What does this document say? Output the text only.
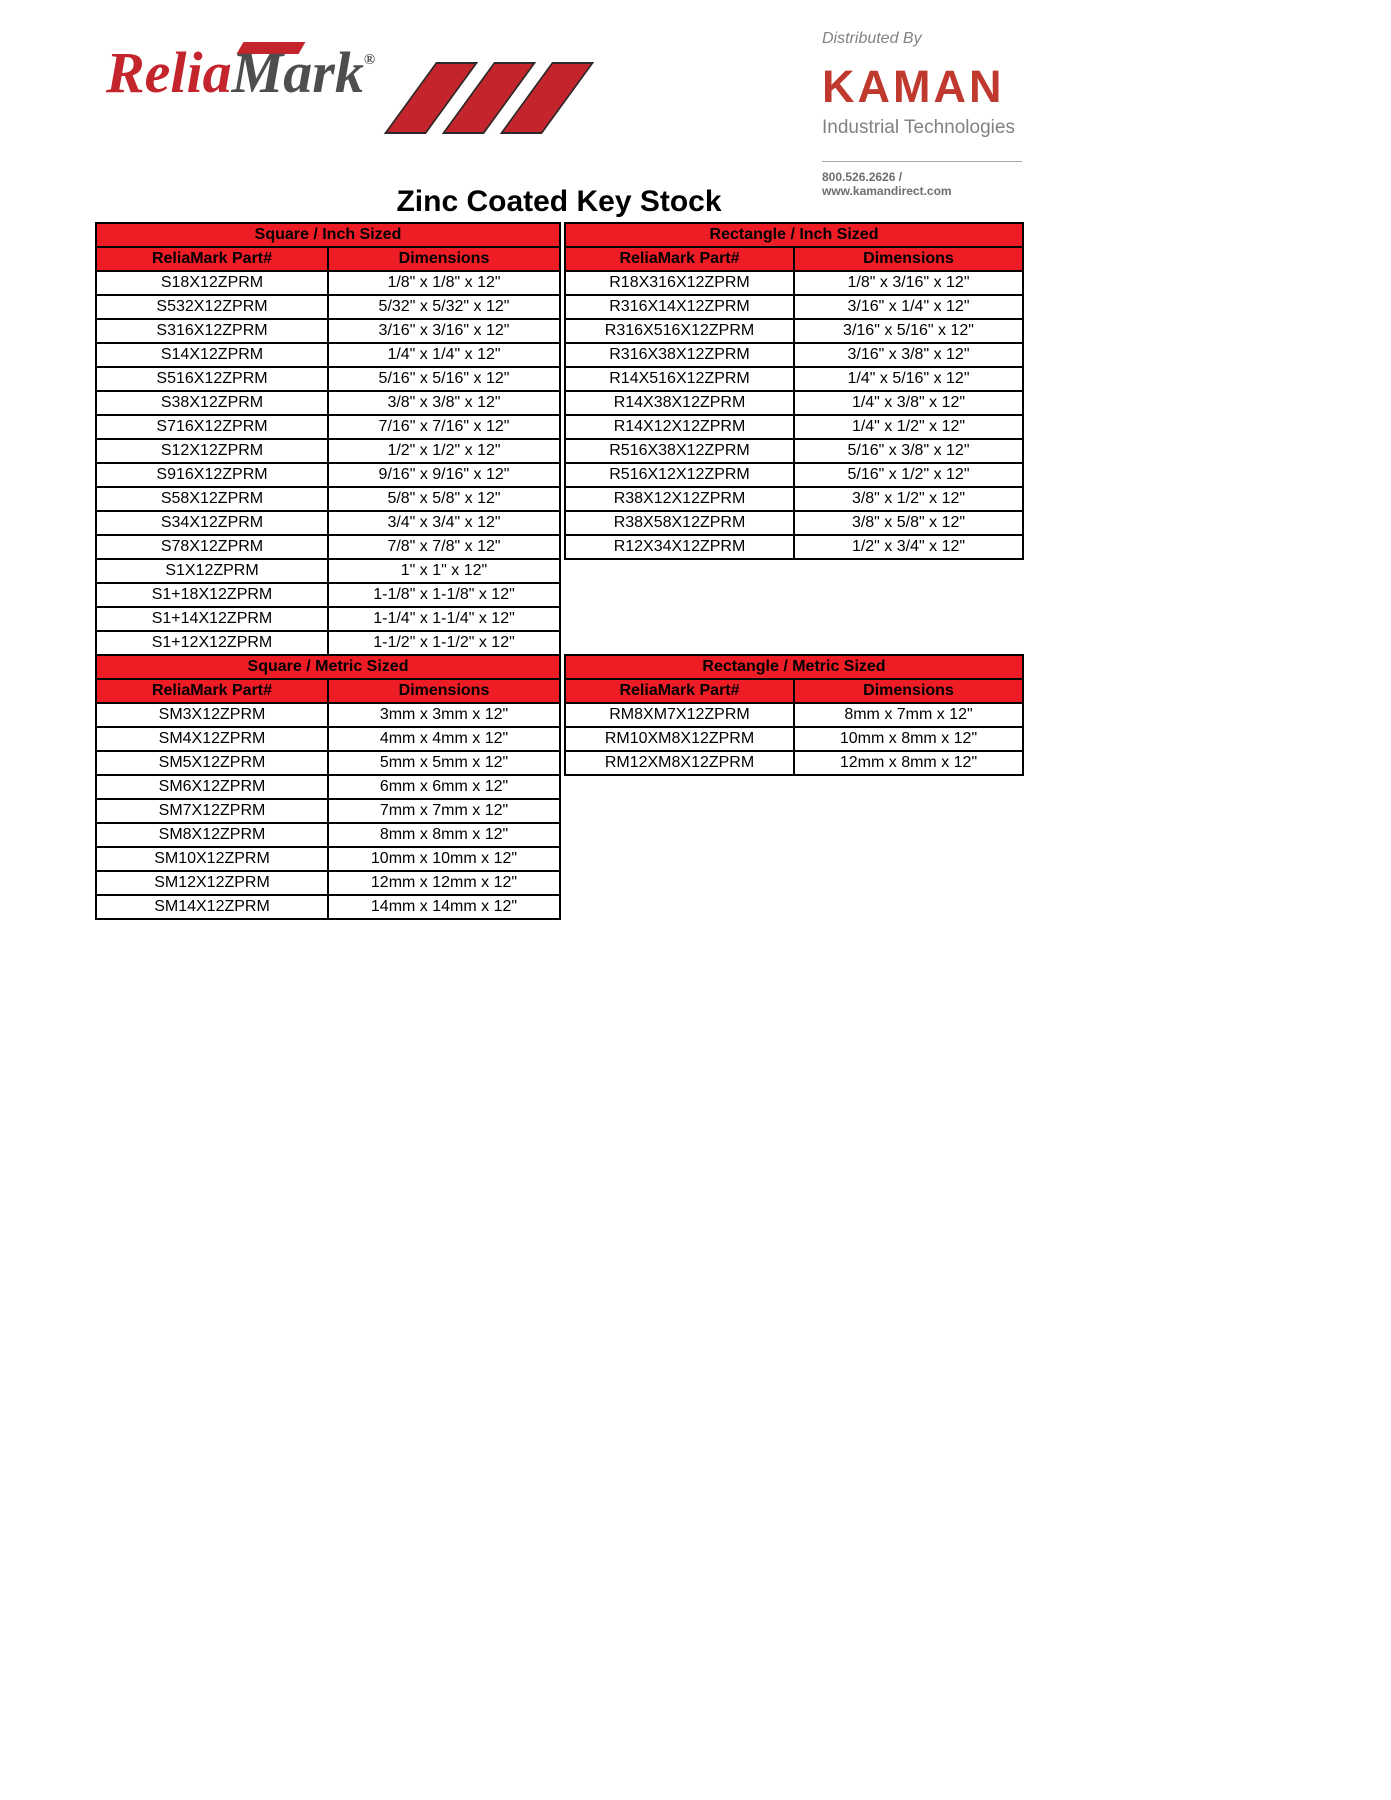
ReliaMark®
Distributed By
KAMAN
Industrial Technologies
800.526.2626 / www.kamandirect.com
Zinc Coated Key Stock
Square / Inch Sized	
ReliaMark Part#	Dimensions
S18X12ZPRM	1/8" x 1/8" x 12"
S532X12ZPRM	5/32" x 5/32" x 12"
S316X12ZPRM	3/16" x 3/16" x 12"
S14X12ZPRM	1/4" x 1/4" x 12"
S516X12ZPRM	5/16" x 5/16" x 12"
S38X12ZPRM	3/8" x 3/8" x 12"
S716X12ZPRM	7/16" x 7/16" x 12"
S12X12ZPRM	1/2" x 1/2" x 12"
S916X12ZPRM	9/16" x 9/16" x 12"
S58X12ZPRM	5/8" x 5/8" x 12"
S34X12ZPRM	3/4" x 3/4" x 12"
S78X12ZPRM	7/8" x 7/8" x 12"
S1X12ZPRM	1" x 1" x 12"
S1+18X12ZPRM	1-1/8" x 1-1/8" x 12"
S1+14X12ZPRM	1-1/4" x 1-1/4" x 12"
S1+12X12ZPRM	1-1/2" x 1-1/2" x 12"
Square / Metric Sized	
ReliaMark Part#	Dimensions
SM3X12ZPRM	3mm x 3mm x 12"
SM4X12ZPRM	4mm x 4mm x 12"
SM5X12ZPRM	5mm x 5mm x 12"
SM6X12ZPRM	6mm x 6mm x 12"
SM7X12ZPRM	7mm x 7mm x 12"
SM8X12ZPRM	8mm x 8mm x 12"
SM10X12ZPRM	10mm x 10mm x 12"
SM12X12ZPRM	12mm x 12mm x 12"
SM14X12ZPRM	14mm x 14mm x 12"
Rectangle / Inch Sized	
ReliaMark Part#	Dimensions
R18X316X12ZPRM	1/8" x 3/16" x 12"
R316X14X12ZPRM	3/16" x 1/4" x 12"
R316X516X12ZPRM	3/16" x 5/16" x 12"
R316X38X12ZPRM	3/16" x 3/8" x 12"
R14X516X12ZPRM	1/4" x 5/16" x 12"
R14X38X12ZPRM	1/4" x 3/8" x 12"
R14X12X12ZPRM	1/4" x 1/2" x 12"
R516X38X12ZPRM	5/16" x 3/8" x 12"
R516X12X12ZPRM	5/16" x 1/2" x 12"
R38X12X12ZPRM	3/8" x 1/2" x 12"
R38X58X12ZPRM	3/8" x 5/8" x 12"
R12X34X12ZPRM	1/2" x 3/4" x 12"
Rectangle / Metric Sized	
ReliaMark Part#	Dimensions
RM8XM7X12ZPRM	8mm x 7mm x 12"
RM10XM8X12ZPRM	10mm x 8mm x 12"
RM12XM8X12ZPRM	12mm x 8mm x 12"
